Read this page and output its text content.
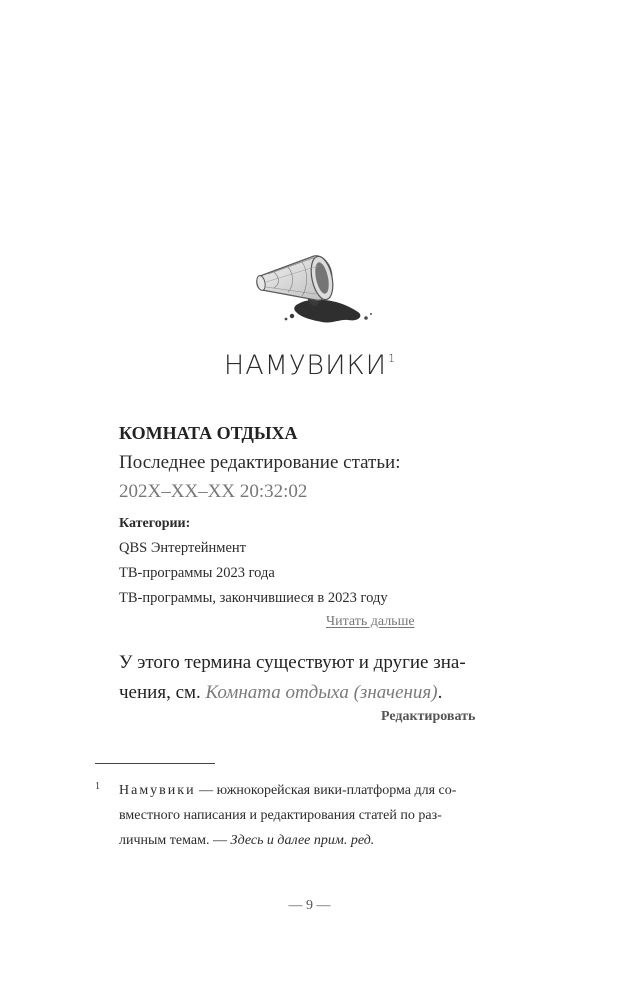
НАМУВИКИ$^1$
КОМНАТА ОТДЫХА
Последнее редактирование статьи:
202X–XX–XX 20:32:02
Категории:
QBS Энтертейнмент
ТВ-программы 2023 года
ТВ-программы, закончившиеся в 2023 году
Читать дальше
У этого термина существуют и другие зна-
чения, см. Комната отдыха (значения).
Редактировать
1 Намувики — южнокорейская вики-платформа для со-
вместного написания и редактирования статей по раз-
личным темам. — Здесь и далее прим. ред.
— 9 —
